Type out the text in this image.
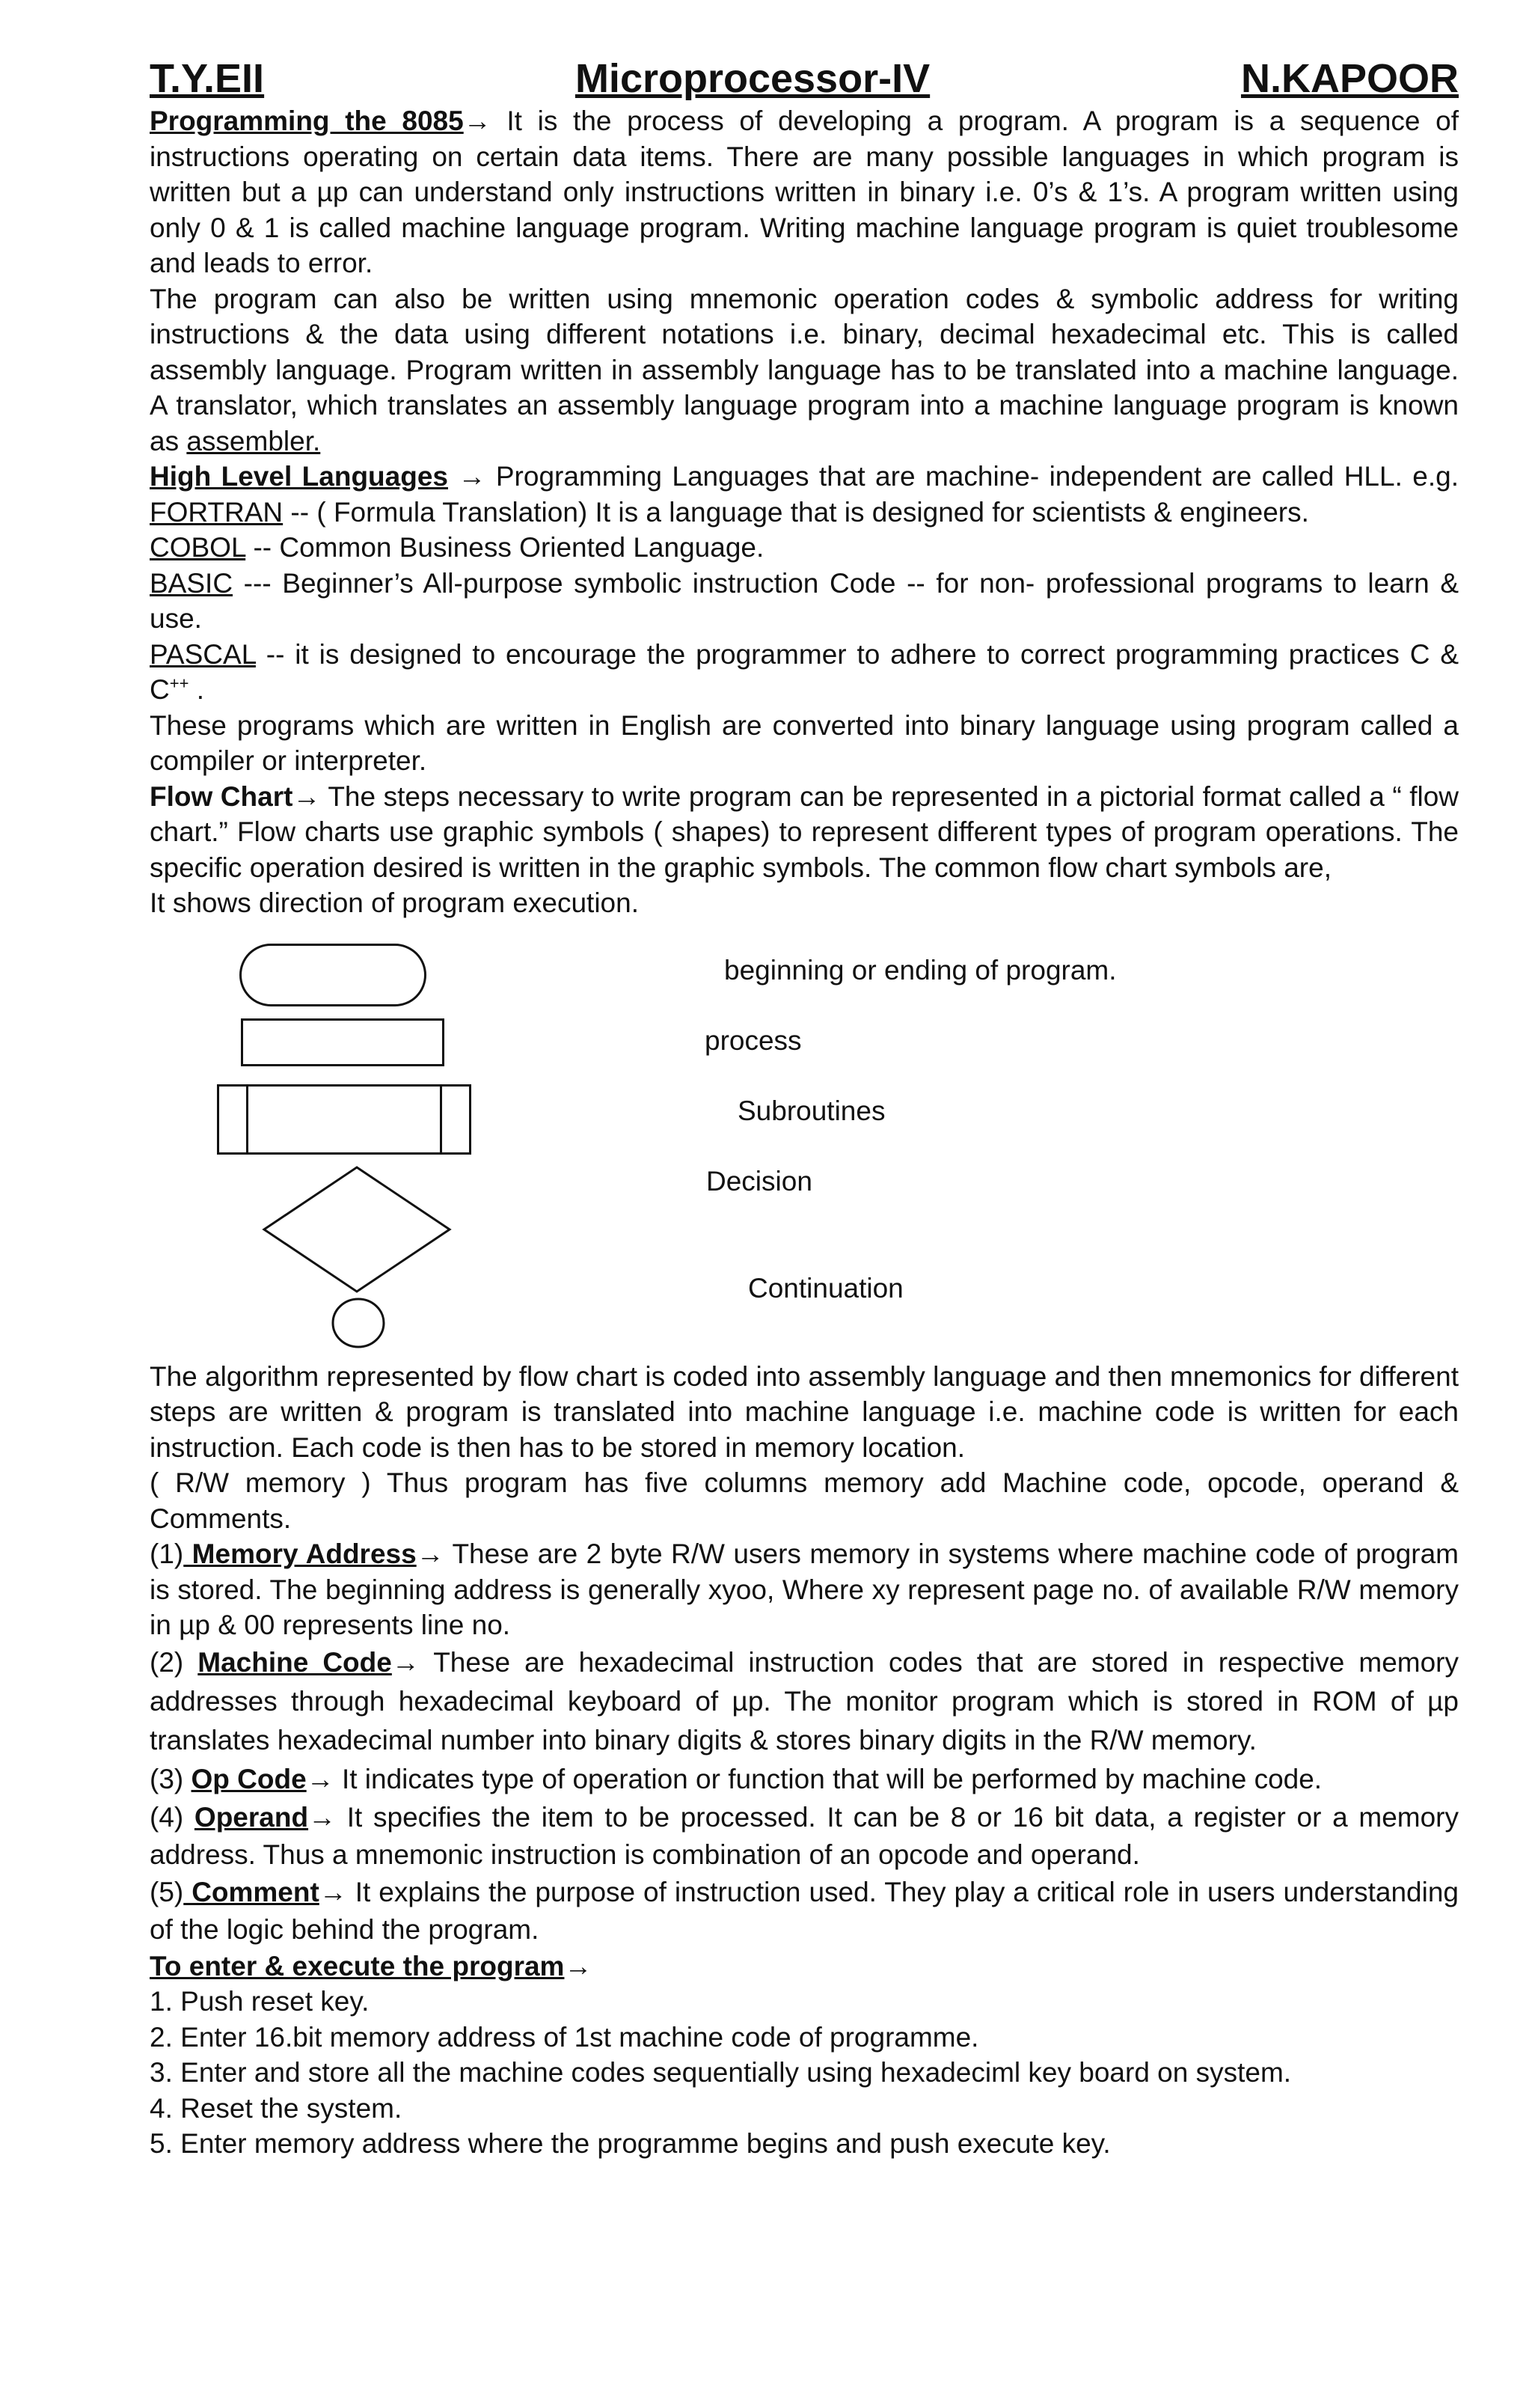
T.Y.EII	Microprocessor-IV	N.KAPOOR

Programming the 8085→ It is the process of developing a program. A program is a sequence of instructions operating on certain data items. There are many possible languages in which program is written but a µp can understand only instructions written in binary i.e. 0’s & 1’s. A program written using only 0 & 1 is called machine language program. Writing machine language program is quiet troublesome and leads to error.

The program can also be written using mnemonic operation codes & symbolic address for writing instructions & the data using different notations i.e. binary, decimal hexadecimal etc. This is called assembly language. Program written in assembly language has to be translated into a machine language. A translator, which translates an assembly language program into a machine language program is known as assembler.

High Level Languages → Programming Languages that are machine- independent are called HLL. e.g. FORTRAN -- ( Formula Translation) It is a language that is designed for scientists & engineers.

COBOL -- Common Business Oriented Language.

BASIC --- Beginner’s All-purpose symbolic instruction Code -- for non- professional programs to learn & use.

PASCAL -- it is designed to encourage the programmer to adhere to correct programming practices C & C++ .

These programs which are written in English are converted into binary language using program called a compiler or interpreter.

Flow Chart→ The steps necessary to write program can be represented in a pictorial format called a “ flow chart.” Flow charts use graphic symbols ( shapes) to represent different types of program operations. The specific operation desired is written in the graphic symbols. The common flow chart symbols are,It shows direction of program execution.

beginning or ending of program.
process
Subroutines
Decision
Continuation

The algorithm represented by flow chart is coded into assembly language and then mnemonics for different steps are written & program is translated into machine language i.e. machine code is written for each instruction. Each code is then has to be stored in memory location.

( R/W memory ) Thus program has five columns memory add Machine code, opcode, operand & Comments.

(1) Memory Address→ These are 2 byte R/W users memory in systems where machine code of program is stored. The beginning address is generally xyoo, Where xy represent page no. of available R/W memory in µp & 00 represents line no.

(2) Machine Code→ These are hexadecimal instruction codes that are stored in respective memory addresses through hexadecimal keyboard of µp. The monitor program which is stored in ROM of µp translates hexadecimal number into binary digits & stores binary digits in the R/W memory.

(3) Op Code→ It indicates type of operation or function that will be performed by machine code.

(4) Operand→ It specifies the item to be processed. It can be 8 or 16 bit data, a register or a memory address. Thus a mnemonic instruction is combination of an opcode and operand.

(5) Comment→ It explains the purpose of instruction used. They play a critical role in users understanding of the logic behind the program.

To enter & execute the program→

1. Push reset key.
2. Enter 16.bit memory address of 1st machine code of programme.
3. Enter and store all the machine codes sequentially using hexadeciml key board on system.
4. Reset the system.
5. Enter memory address where the programme begins and push execute key.
